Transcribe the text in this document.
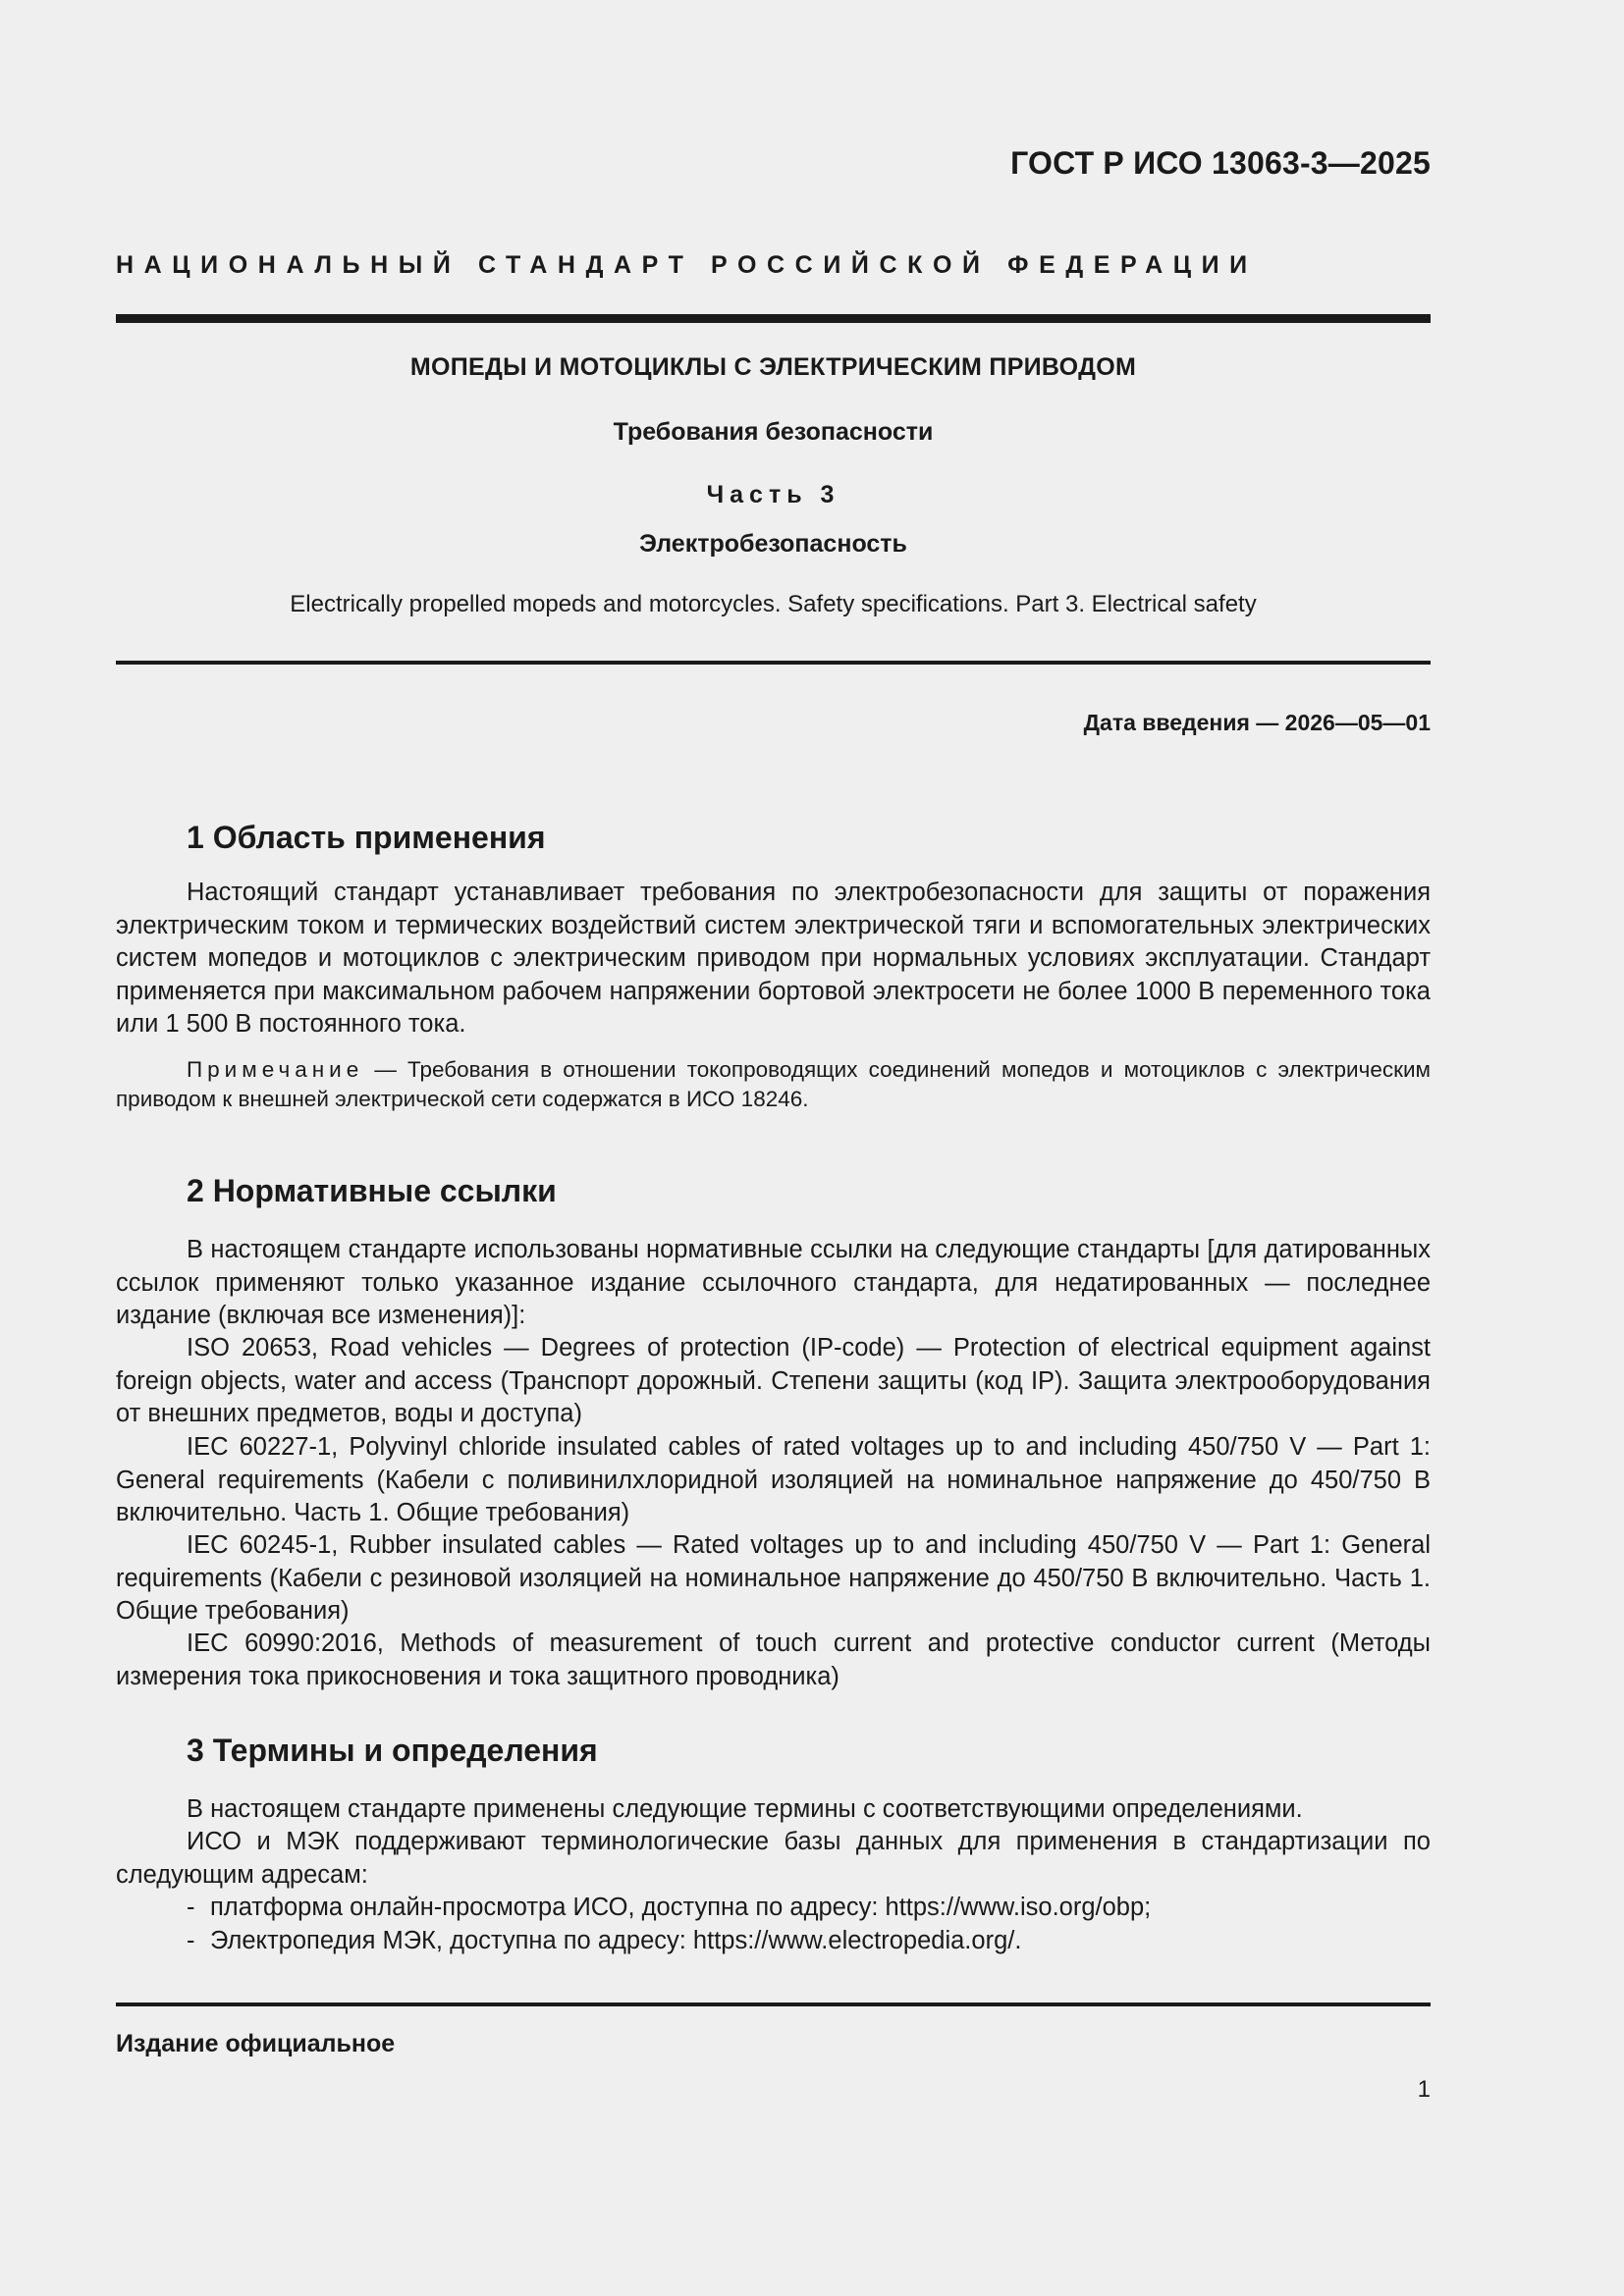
ГОСТ Р ИСО 13063-3—2025
НАЦИОНАЛЬНЫЙ СТАНДАРТ РОССИЙСКОЙ ФЕДЕРАЦИИ
МОПЕДЫ И МОТОЦИКЛЫ С ЭЛЕКТРИЧЕСКИМ ПРИВОДОМ
Требования безопасности
Часть 3
Электробезопасность
Electrically propelled mopeds and motorcycles. Safety specifications. Part 3. Electrical safety
Дата введения — 2026—05—01
1 Область применения

Настоящий стандарт устанавливает требования по электробезопасности для защиты от поражения электрическим током и термических воздействий систем электрической тяги и вспомогательных электрических систем мопедов и мотоциклов с электрическим приводом при нормальных условиях эксплуатации. Стандарт применяется при максимальном рабочем напряжении бортовой электросети не более 1000 В переменного тока или 1 500 В постоянного тока.

Примечание — Требования в отношении токопроводящих соединений мопедов и мотоциклов с электрическим приводом к внешней электрической сети содержатся в ИСО 18246.

2 Нормативные ссылки

В настоящем стандарте использованы нормативные ссылки на следующие стандарты [для датированных ссылок применяют только указанное издание ссылочного стандарта, для недатированных — последнее издание (включая все изменения)]:

ISO 20653, Road vehicles — Degrees of protection (IP-code) — Protection of electrical equipment against foreign objects, water and access (Транспорт дорожный. Степени защиты (код IP). Защита электрооборудования от внешних предметов, воды и доступа)

IEC 60227-1, Polyvinyl chloride insulated cables of rated voltages up to and including 450/750 V — Part 1: General requirements (Кабели с поливинилхлоридной изоляцией на номинальное напряжение до 450/750 В включительно. Часть 1. Общие требования)

IEC 60245-1, Rubber insulated cables — Rated voltages up to and including 450/750 V — Part 1: General requirements (Кабели с резиновой изоляцией на номинальное напряжение до 450/750 В включительно. Часть 1. Общие требования)

IEC 60990:2016, Methods of measurement of touch current and protective conductor current (Методы измерения тока прикосновения и тока защитного проводника)

3 Термины и определения

В настоящем стандарте применены следующие термины с соответствующими определениями.

ИСО и МЭК поддерживают терминологические базы данных для применения в стандартизации по следующим адресам:

- платформа онлайн-просмотра ИСО, доступна по адресу: https://www.iso.org/obp;
- Электропедия МЭК, доступна по адресу: https://www.electropedia.org/.
Издание официальное
1
